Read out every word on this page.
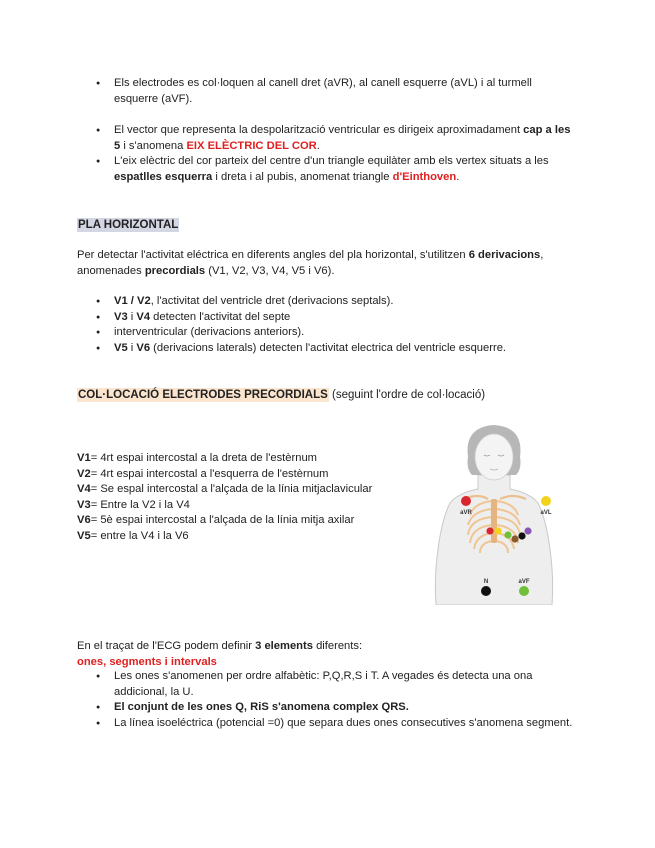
● Els electrodes es col·loquen al canell dret (aVR), al canell esquerre (aVL) i al turmell esquerre (aVF).
● El vector que representa la despolarització ventricular es dirigeix aproximadament cap a les 5 i s'anomena EIX ELÈCTRIC DEL COR.
● L'eix elèctric del cor parteix del centre d'un triangle equilàter amb els vertex situats a les espatlles esquerra i dreta i al pubis, anomenat triangle d'Einthoven.
PLA HORIZONTAL
Per detectar l'activitat eléctrica en diferents angles del pla horizontal, s'utilitzen 6 derivacions, anomenades precordials (V1, V2, V3, V4, V5 i V6).
● V1 / V2, l'activitat del ventricle dret (derivacions septals).
● V3 i V4 detecten l'activitat del septe
● interventricular (derivacions anteriors).
● V5 i V6 (derivacions laterals) detecten l'activitat electrica del ventricle esquerre.
COL·LOCACIÓ ELECTRODES PRECORDIALS (seguint l'ordre de col·locació)
V1= 4rt espai intercostal a la dreta de l'estèrnum
V2= 4rt espai intercostal a l'esquerra de l'estèrnum
V4= Se espal intercostal a l'alçada de la línia mitjaclavicular
V3= Entre la V2 i la V4
V6= 5è espai intercostal a l'alçada de la línia mitja axilar
V5= entre la V4 i la V6
aVR	aVL
N	aVF
En el traçat de l'ECG podem definir 3 elements diferents:
ones, segments i intervals
● Les ones s'anomenen per ordre alfabètic: P,Q,R,S i T. A vegades és detecta una ona addicional, la U.
● El conjunt de les ones Q, RiS s'anomena complex QRS.
● La línea isoeléctrica (potencial =0) que separa dues ones consecutives s'anomena segment.
